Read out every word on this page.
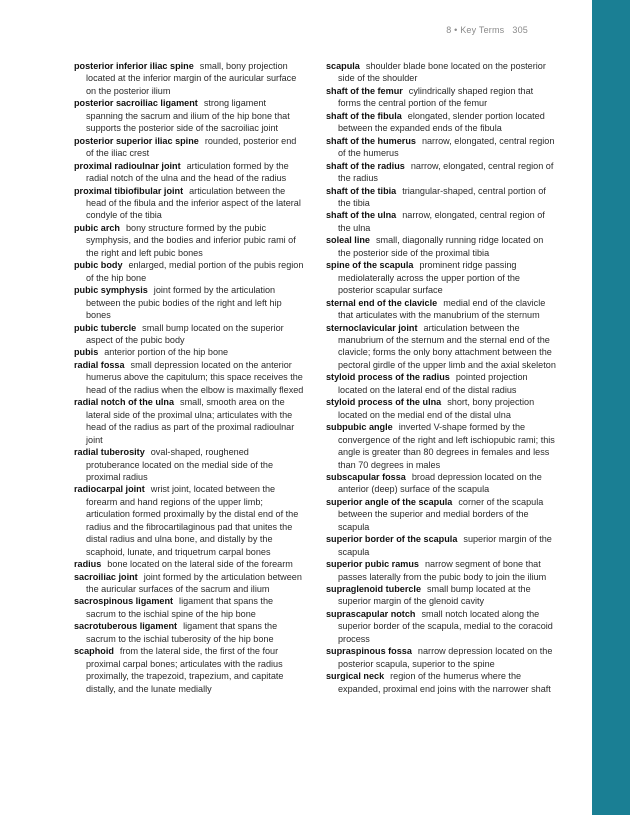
8 • Key Terms 305

posterior inferior iliac spine small, bony projection located at the inferior margin of the auricular surface on the posterior ilium

posterior sacroiliac ligament strong ligament spanning the sacrum and ilium of the hip bone that supports the posterior side of the sacroiliac joint

posterior superior iliac spine rounded, posterior end of the iliac crest

proximal radioulnar joint articulation formed by the radial notch of the ulna and the head of the radius

proximal tibiofibular joint articulation between the head of the fibula and the inferior aspect of the lateral condyle of the tibia

pubic arch bony structure formed by the pubic symphysis, and the bodies and inferior pubic rami of the right and left pubic bones

pubic body enlarged, medial portion of the pubis region of the hip bone

pubic symphysis joint formed by the articulation between the pubic bodies of the right and left hip bones

pubic tubercle small bump located on the superior aspect of the pubic body

pubis anterior portion of the hip bone

radial fossa small depression located on the anterior humerus above the capitulum; this space receives the head of the radius when the elbow is maximally flexed

radial notch of the ulna small, smooth area on the lateral side of the proximal ulna; articulates with the head of the radius as part of the proximal radioulnar joint

radial tuberosity oval-shaped, roughened protuberance located on the medial side of the proximal radius

radiocarpal joint wrist joint, located between the forearm and hand regions of the upper limb; articulation formed proximally by the distal end of the radius and the fibrocartilaginous pad that unites the distal radius and ulna bone, and distally by the scaphoid, lunate, and triquetrum carpal bones

radius bone located on the lateral side of the forearm

sacroiliac joint joint formed by the articulation between the auricular surfaces of the sacrum and ilium

sacrospinous ligament ligament that spans the sacrum to the ischial spine of the hip bone

sacrotuberous ligament ligament that spans the sacrum to the ischial tuberosity of the hip bone

scaphoid from the lateral side, the first of the four proximal carpal bones; articulates with the radius proximally, the trapezoid, trapezium, and capitate distally, and the lunate medially

scapula shoulder blade bone located on the posterior side of the shoulder

shaft of the femur cylindrically shaped region that forms the central portion of the femur

shaft of the fibula elongated, slender portion located between the expanded ends of the fibula

shaft of the humerus narrow, elongated, central region of the humerus

shaft of the radius narrow, elongated, central region of the radius

shaft of the tibia triangular-shaped, central portion of the tibia

shaft of the ulna narrow, elongated, central region of the ulna

soleal line small, diagonally running ridge located on the posterior side of the proximal tibia

spine of the scapula prominent ridge passing mediolaterally across the upper portion of the posterior scapular surface

sternal end of the clavicle medial end of the clavicle that articulates with the manubrium of the sternum

sternoclavicular joint articulation between the manubrium of the sternum and the sternal end of the clavicle; forms the only bony attachment between the pectoral girdle of the upper limb and the axial skeleton

styloid process of the radius pointed projection located on the lateral end of the distal radius

styloid process of the ulna short, bony projection located on the medial end of the distal ulna

subpubic angle inverted V-shape formed by the convergence of the right and left ischiopubic rami; this angle is greater than 80 degrees in females and less than 70 degrees in males

subscapular fossa broad depression located on the anterior (deep) surface of the scapula

superior angle of the scapula corner of the scapula between the superior and medial borders of the scapula

superior border of the scapula superior margin of the scapula

superior pubic ramus narrow segment of bone that passes laterally from the pubic body to join the ilium

supraglenoid tubercle small bump located at the superior margin of the glenoid cavity

suprascapular notch small notch located along the superior border of the scapula, medial to the coracoid process

supraspinous fossa narrow depression located on the posterior scapula, superior to the spine

surgical neck region of the humerus where the expanded, proximal end joins with the narrower shaft
